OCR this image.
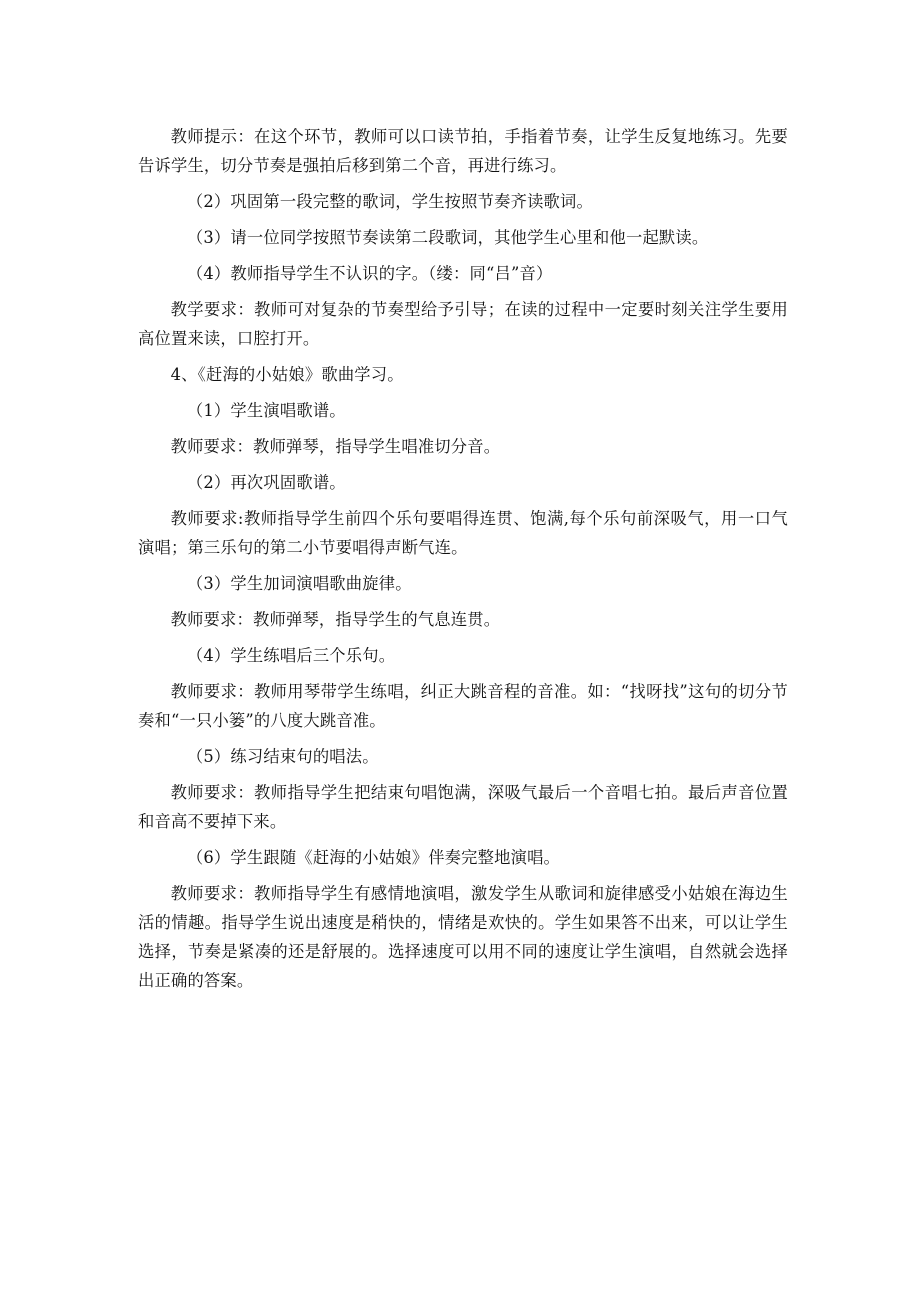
教师提示：在这个环节，教师可以口读节拍，手指着节奏，让学生反复地练习。先要告诉学生，切分节奏是强拍后移到第二个音，再进行练习。

（2）巩固第一段完整的歌词，学生按照节奏齐读歌词。

（3）请一位同学按照节奏读第二段歌词，其他学生心里和他一起默读。

（4）教师指导学生不认识的字。（缕：同“吕”音）

教学要求：教师可对复杂的节奏型给予引导；在读的过程中一定要时刻关注学生要用高位置来读，口腔打开。

4、《赶海的小姑娘》歌曲学习。

（1）学生演唱歌谱。

教师要求：教师弹琴，指导学生唱准切分音。

（2）再次巩固歌谱。

教师要求:教师指导学生前四个乐句要唱得连贯、饱满,每个乐句前深吸气，用一口气演唱；第三乐句的第二小节要唱得声断气连。

（3）学生加词演唱歌曲旋律。

教师要求：教师弹琴，指导学生的气息连贯。

（4）学生练唱后三个乐句。

教师要求：教师用琴带学生练唱，纠正大跳音程的音准。如：“找呀找”这句的切分节奏和“一只小篓”的八度大跳音准。

（5）练习结束句的唱法。

教师要求：教师指导学生把结束句唱饱满，深吸气最后一个音唱七拍。最后声音位置和音高不要掉下来。

（6）学生跟随《赶海的小姑娘》伴奏完整地演唱。

教师要求：教师指导学生有感情地演唱，激发学生从歌词和旋律感受小姑娘在海边生活的情趣。指导学生说出速度是稍快的，情绪是欢快的。学生如果答不出来，可以让学生选择，节奏是紧凑的还是舒展的。选择速度可以用不同的速度让学生演唱，自然就会选择出正确的答案。
